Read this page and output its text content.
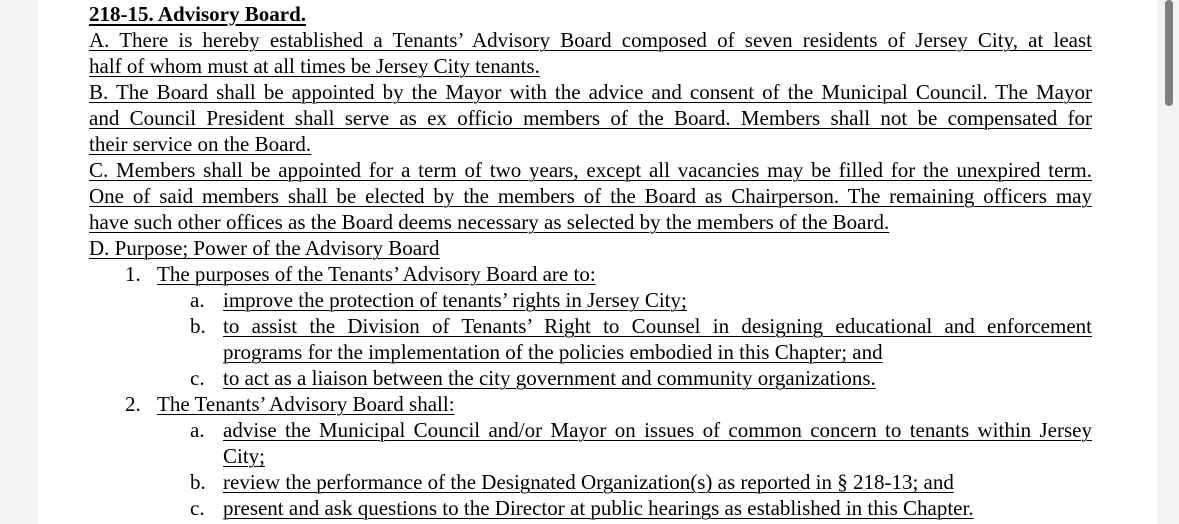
218-15. Advisory Board.
A. There is hereby established a Tenants’ Advisory Board composed of seven residents of Jersey City, at least
half of whom must at all times be Jersey City tenants.
B. The Board shall be appointed by the Mayor with the advice and consent of the Municipal Council. The Mayor
and Council President shall serve as ex officio members of the Board. Members shall not be compensated for
their service on the Board.
C. Members shall be appointed for a term of two years, except all vacancies may be filled for the unexpired term.
One of said members shall be elected by the members of the Board as Chairperson. The remaining officers may
have such other offices as the Board deems necessary as selected by the members of the Board.
D. Purpose; Power of the Advisory Board
1. The purposes of the Tenants’ Advisory Board are to:
a. improve the protection of tenants’ rights in Jersey City;
b. to assist the Division of Tenants’ Right to Counsel in designing educational and enforcement
programs for the implementation of the policies embodied in this Chapter; and
c. to act as a liaison between the city government and community organizations.
2. The Tenants’ Advisory Board shall:
a. advise the Municipal Council and/or Mayor on issues of common concern to tenants within Jersey
City;
b. review the performance of the Designated Organization(s) as reported in § 218-13; and
c. present and ask questions to the Director at public hearings as established in this Chapter.
